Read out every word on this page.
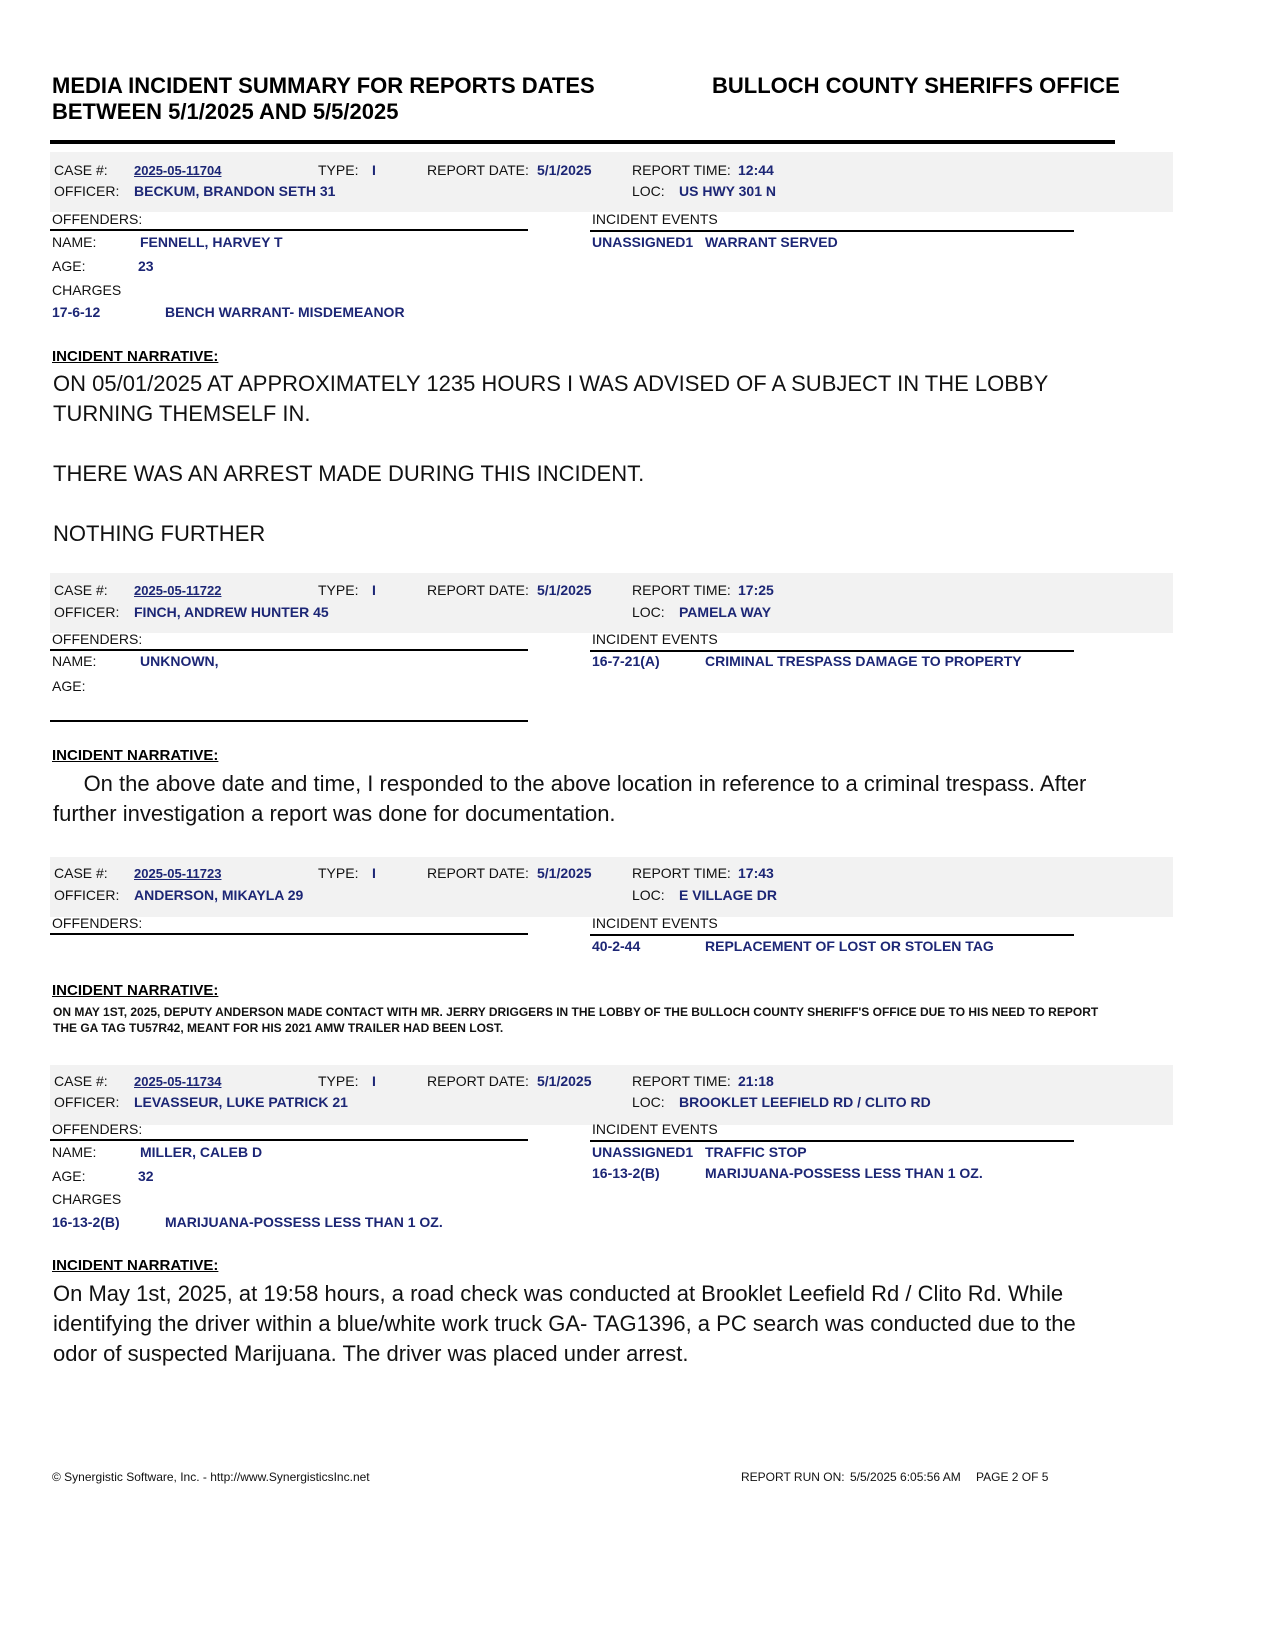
MEDIA INCIDENT SUMMARY FOR REPORTS DATES
BETWEEN 5/1/2025 AND 5/5/2025
BULLOCH COUNTY SHERIFFS OFFICE
CASE #: 2025-05-11704	TYPE: I	REPORT DATE: 5/1/2025	REPORT TIME: 12:44
OFFICER: BECKUM, BRANDON SETH 31	LOC: US HWY 301 N
OFFENDERS:	INCIDENT EVENTS
NAME:	FENNELL, HARVEY T
AGE:	23
CHARGES
17-6-12	BENCH WARRANT- MISDEMEANOR
UNASSIGNED1 WARRANT SERVED
INCIDENT NARRATIVE:
ON 05/01/2025 AT APPROXIMATELY 1235 HOURS I WAS ADVISED OF A SUBJECT IN THE LOBBY TURNING THEMSELF IN.

THERE WAS AN ARREST MADE DURING THIS INCIDENT.

NOTHING FURTHER
CASE #: 2025-05-11722	TYPE: I	REPORT DATE: 5/1/2025	REPORT TIME: 17:25
OFFICER: FINCH, ANDREW HUNTER 45	LOC: PAMELA WAY
OFFENDERS:	INCIDENT EVENTS
NAME:	UNKNOWN,
AGE:
16-7-21(A)	CRIMINAL TRESPASS DAMAGE TO PROPERTY
INCIDENT NARRATIVE:
On the above date and time, I responded to the above location in reference to a criminal trespass. After further investigation a report was done for documentation.
CASE #: 2025-05-11723	TYPE: I	REPORT DATE: 5/1/2025	REPORT TIME: 17:43
OFFICER: ANDERSON, MIKAYLA 29	LOC: E VILLAGE DR
OFFENDERS:	INCIDENT EVENTS
40-2-44	REPLACEMENT OF LOST OR STOLEN TAG
INCIDENT NARRATIVE:
ON MAY 1ST, 2025, DEPUTY ANDERSON MADE CONTACT WITH MR. JERRY DRIGGERS IN THE LOBBY OF THE BULLOCH COUNTY SHERIFF'S OFFICE DUE TO HIS NEED TO REPORT THE GA TAG TU57R42, MEANT FOR HIS 2021 AMW TRAILER HAD BEEN LOST.
CASE #: 2025-05-11734	TYPE: I	REPORT DATE: 5/1/2025	REPORT TIME: 21:18
OFFICER: LEVASSEUR, LUKE PATRICK 21	LOC: BROOKLET LEEFIELD RD / CLITO RD
OFFENDERS:	INCIDENT EVENTS
NAME:	MILLER, CALEB D
AGE:	32
CHARGES
16-13-2(B)	MARIJUANA-POSSESS LESS THAN 1 OZ.
UNASSIGNED1 TRAFFIC STOP
16-13-2(B)	MARIJUANA-POSSESS LESS THAN 1 OZ.
INCIDENT NARRATIVE:
On May 1st, 2025, at 19:58 hours, a road check was conducted at Brooklet Leefield Rd / Clito Rd. While identifying the driver within a blue/white work truck GA- TAG1396, a PC search was conducted due to the odor of suspected Marijuana. The driver was placed under arrest.
© Synergistic Software, Inc. - http://www.SynergisticsInc.net	REPORT RUN ON: 5/5/2025 6:05:56 AM PAGE 2 OF 5
